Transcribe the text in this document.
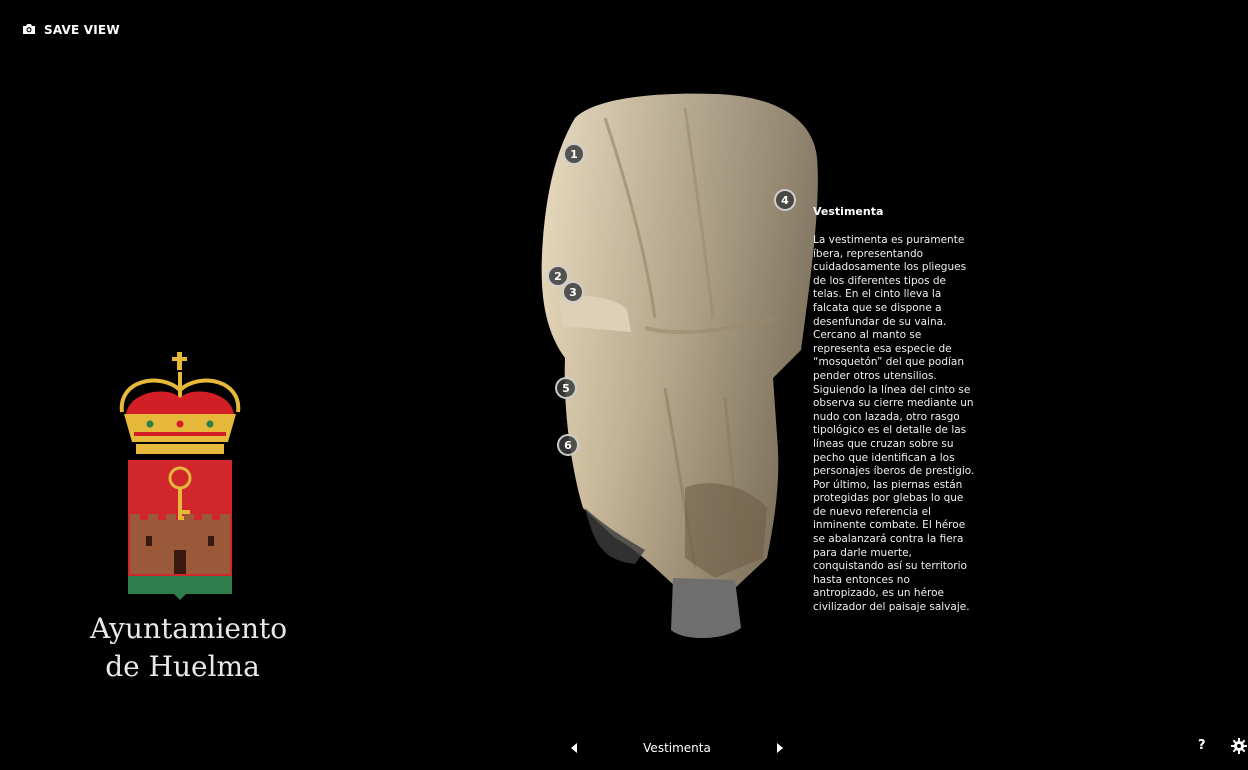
SAVE VIEW
Ayuntamiento
de Huelma
1
2
3
4
5
6
Vestimenta
La vestimenta es puramente íbera, representando cuidadosamente los pliegues de los diferentes tipos de telas. En el cinto lleva la falcata que se dispone a desenfundar de su vaina. Cercano al manto se representa esa especie de “mosquetón” del que podían pender otros utensilios. Siguiendo la línea del cinto se observa su cierre mediante un nudo con lazada, otro rasgo tipológico es el detalle de las líneas que cruzan sobre su pecho que identifican a los personajes íberos de prestigio. Por último, las piernas están protegidas por glebas lo que de nuevo referencia el inminente combate. El héroe se abalanzará contra la fiera para darle muerte, conquistando así su territorio hasta entonces no antropizado, es un héroe civilizador del paisaje salvaje.
Vestimenta	?
